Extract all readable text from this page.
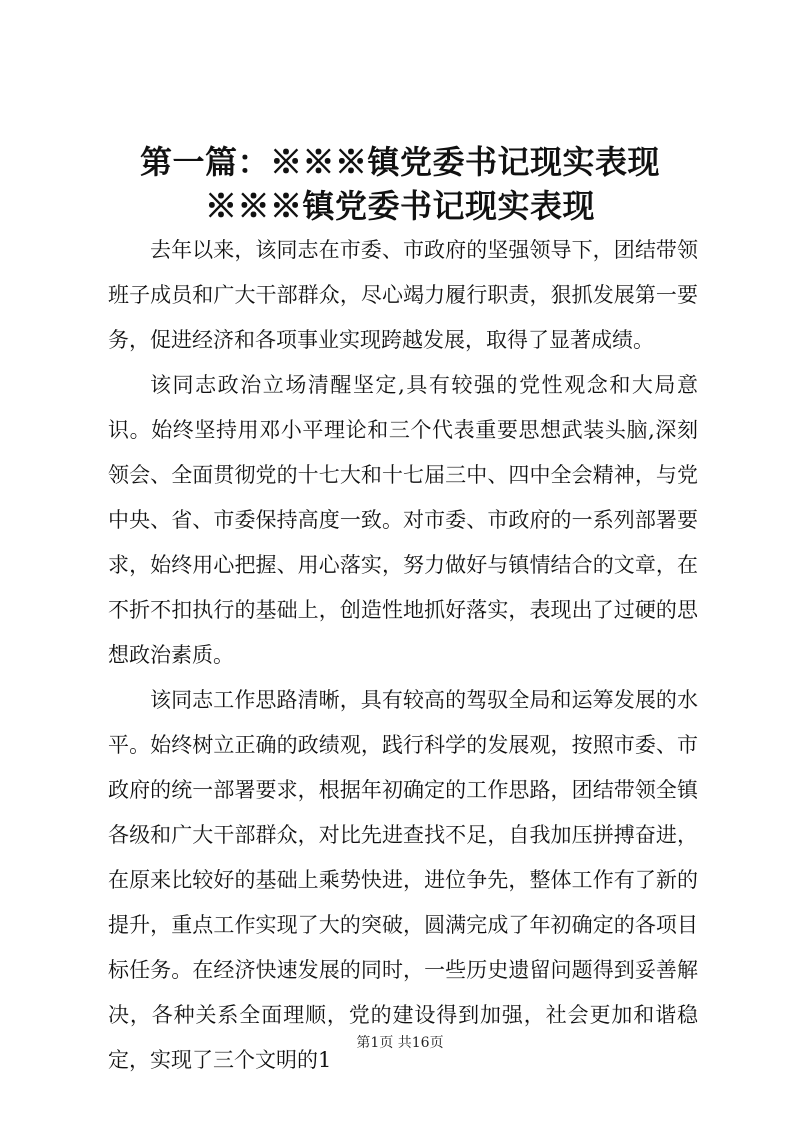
第一篇：※※※镇党委书记现实表现※※※镇党委书记现实表现

去年以来，该同志在市委、市政府的坚强领导下，团结带领班子成员和广大干部群众，尽心竭力履行职责，狠抓发展第一要务，促进经济和各项事业实现跨越发展，取得了显著成绩。

该同志政治立场清醒坚定,具有较强的党性观念和大局意识。始终坚持用邓小平理论和三个代表重要思想武装头脑,深刻领会、全面贯彻党的十七大和十七届三中、四中全会精神，与党中央、省、市委保持高度一致。对市委、市政府的一系列部署要求，始终用心把握、用心落实，努力做好与镇情结合的文章，在不折不扣执行的基础上，创造性地抓好落实，表现出了过硬的思想政治素质。

该同志工作思路清晰，具有较高的驾驭全局和运筹发展的水平。始终树立正确的政绩观，践行科学的发展观，按照市委、市政府的统一部署要求，根据年初确定的工作思路，团结带领全镇各级和广大干部群众，对比先进查找不足，自我加压拼搏奋进，在原来比较好的基础上乘势快进，进位争先，整体工作有了新的提升，重点工作实现了大的突破，圆满完成了年初确定的各项目标任务。在经济快速发展的同时，一些历史遗留问题得到妥善解决，各种关系全面理顺，党的建设得到加强，社会更加和谐稳定，实现了三个文明的1

第1页 共16页
